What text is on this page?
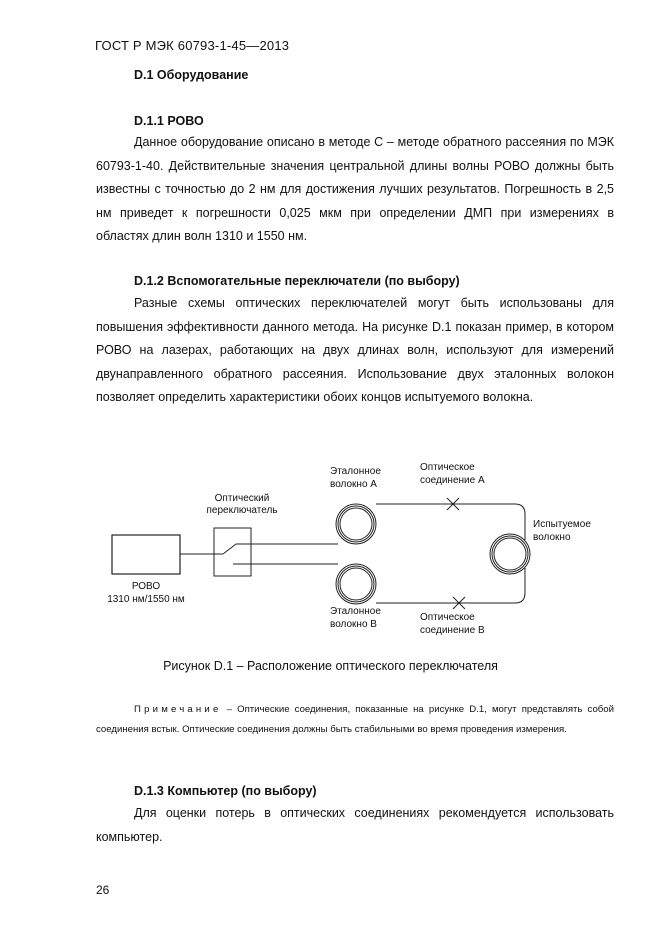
ГОСТ Р МЭК 60793-1-45—2013
D.1 Оборудование
D.1.1 РОВО

Данное оборудование описано в методе С – методе обратного рассеяния по МЭК 60793-1-40. Действительные значения центральной длины волны РОВО должны быть известны с точностью до 2 нм для достижения лучших результатов. Погрешность в 2,5 нм приведет к погрешности 0,025 мкм при определении ДМП при измерениях в областях длин волн 1310 и 1550 нм.

D.1.2 Вспомогательные переключатели (по выбору)

Разные схемы оптических переключателей могут быть использованы для повышения эффективности данного метода. На рисунке D.1 показан пример, в котором РОВО на лазерах, работающих на двух длинах волн, используют для измерений двунаправленного обратного рассеяния. Использование двух эталонных волокон позволяет определить характеристики обоих концов испытуемого волокна.

РОВО
1310 нм/1550 нм
Оптический
переключатель
Эталонное
волокно А
Эталонное
волокно В
Оптическое
соединение А
Оптическое
соединение В
Испытуемое
волокно
Рисунок D.1 – Расположение оптического переключателя
Примечание – Оптические соединения, показанные на рисунке D.1, могут представлять собой соединения встык. Оптические соединения должны быть стабильными во время проведения измерения.
D.1.3 Компьютер (по выбору)

Для оценки потерь в оптических соединениях рекомендуется использовать компьютер.

26
